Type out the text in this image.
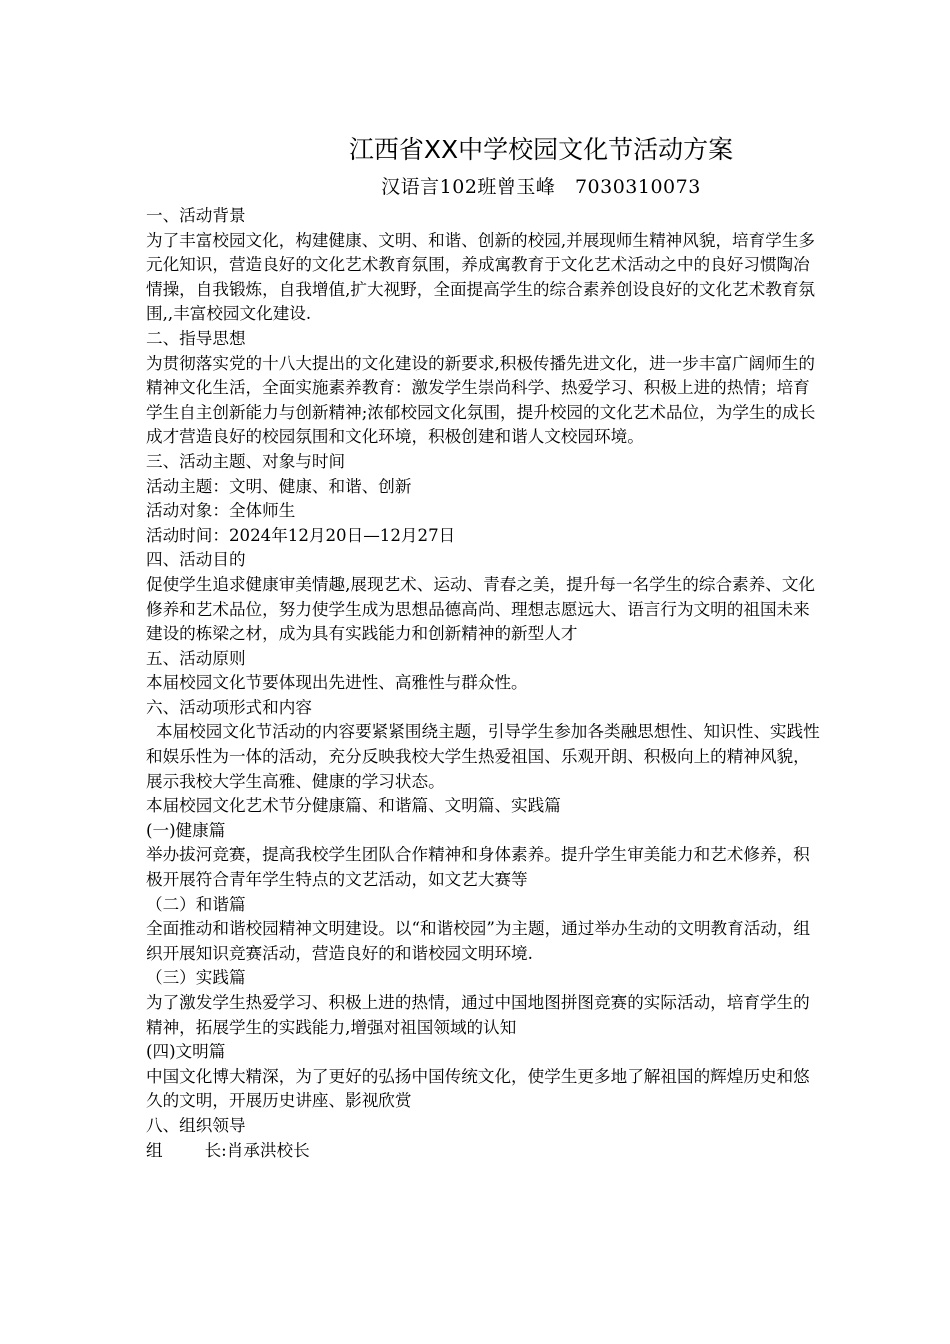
江西省XX中学校园文化节活动方案

汉语言102班曾玉峰　7030310073

一、活动背景

为了丰富校园文化，构建健康、文明、和谐、创新的校园,并展现师生精神风貌，培育学生多元化知识，营造良好的文化艺术教育氛围，养成寓教育于文化艺术活动之中的良好习惯陶冶情操，自我锻炼，自我增值,扩大视野，全面提高学生的综合素养创设良好的文化艺术教育氛围,,丰富校园文化建设.

二、指导思想

为贯彻落实党的十八大提出的文化建设的新要求,积极传播先进文化，进一步丰富广阔师生的精神文化生活，全面实施素养教育：激发学生崇尚科学、热爱学习、积极上进的热情；培育学生自主创新能力与创新精神;浓郁校园文化氛围，提升校园的文化艺术品位，为学生的成长成才营造良好的校园氛围和文化环境，积极创建和谐人文校园环境。

三、活动主题、对象与时间

活动主题：文明、健康、和谐、创新

活动对象：全体师生

活动时间：2024年12月20日—12月27日

四、活动目的

促使学生追求健康审美情趣,展现艺术、运动、青春之美，提升每一名学生的综合素养、文化修养和艺术品位，努力使学生成为思想品德高尚、理想志愿远大、语言行为文明的祖国未来建设的栋梁之材，成为具有实践能力和创新精神的新型人才

五、活动原则

本届校园文化节要体现出先进性、高雅性与群众性。

六、活动项形式和内容

本届校园文化节活动的内容要紧紧围绕主题，引导学生参加各类融思想性、知识性、实践性和娱乐性为一体的活动，充分反映我校大学生热爱祖国、乐观开朗、积极向上的精神风貌，展示我校大学生高雅、健康的学习状态。

本届校园文化艺术节分健康篇、和谐篇、文明篇、实践篇

(一)健康篇

举办拔河竞赛，提高我校学生团队合作精神和身体素养。提升学生审美能力和艺术修养，积极开展符合青年学生特点的文艺活动，如文艺大赛等

（二）和谐篇

全面推动和谐校园精神文明建设。以“和谐校园”为主题，通过举办生动的文明教育活动，组织开展知识竞赛活动，营造良好的和谐校园文明环境.

（三）实践篇

为了激发学生热爱学习、积极上进的热情，通过中国地图拼图竞赛的实际活动，培育学生的精神，拓展学生的实践能力,增强对祖国领域的认知

(四)文明篇

中国文化博大精深，为了更好的弘扬中国传统文化，使学生更多地了解祖国的辉煌历史和悠久的文明，开展历史讲座、影视欣赏

八、组织领导

组	长:肖承洪校长
